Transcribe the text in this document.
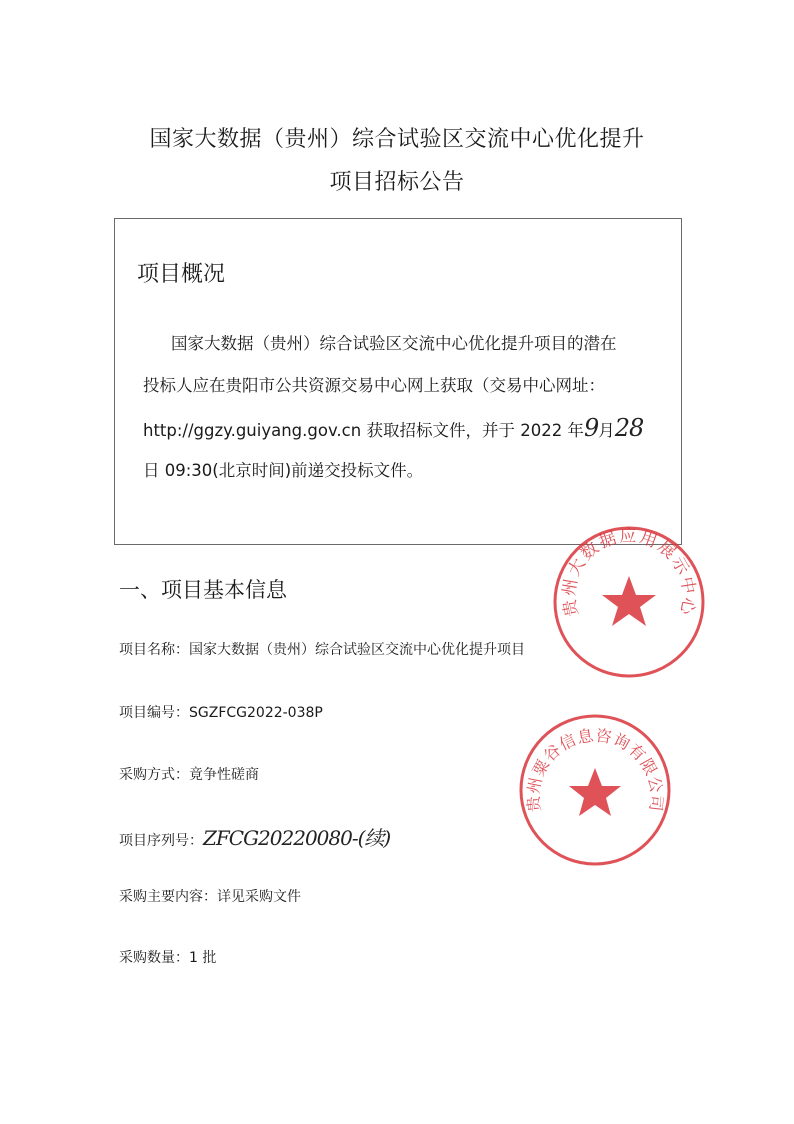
国家大数据（贵州）综合试验区交流中心优化提升
项目招标公告
项目概况
国家大数据（贵州）综合试验区交流中心优化提升项目的潜在
投标人应在贵阳市公共资源交易中心网上获取（交易中心网址：
http://ggzy.guiyang.gov.cn 获取招标文件，并于 2022 年9月28
日 09:30(北京时间)前递交投标文件。
一、项目基本信息
项目名称：国家大数据（贵州）综合试验区交流中心优化提升项目
项目编号：SGZFCG2022-038P
采购方式：竟争性磋商
项目序列号：ZFCG20220080-(续)
采购主要内容：详见采购文件
采购数量：1 批
贵州大数据应用展示中心
贵州粟谷信息咨询有限公司
